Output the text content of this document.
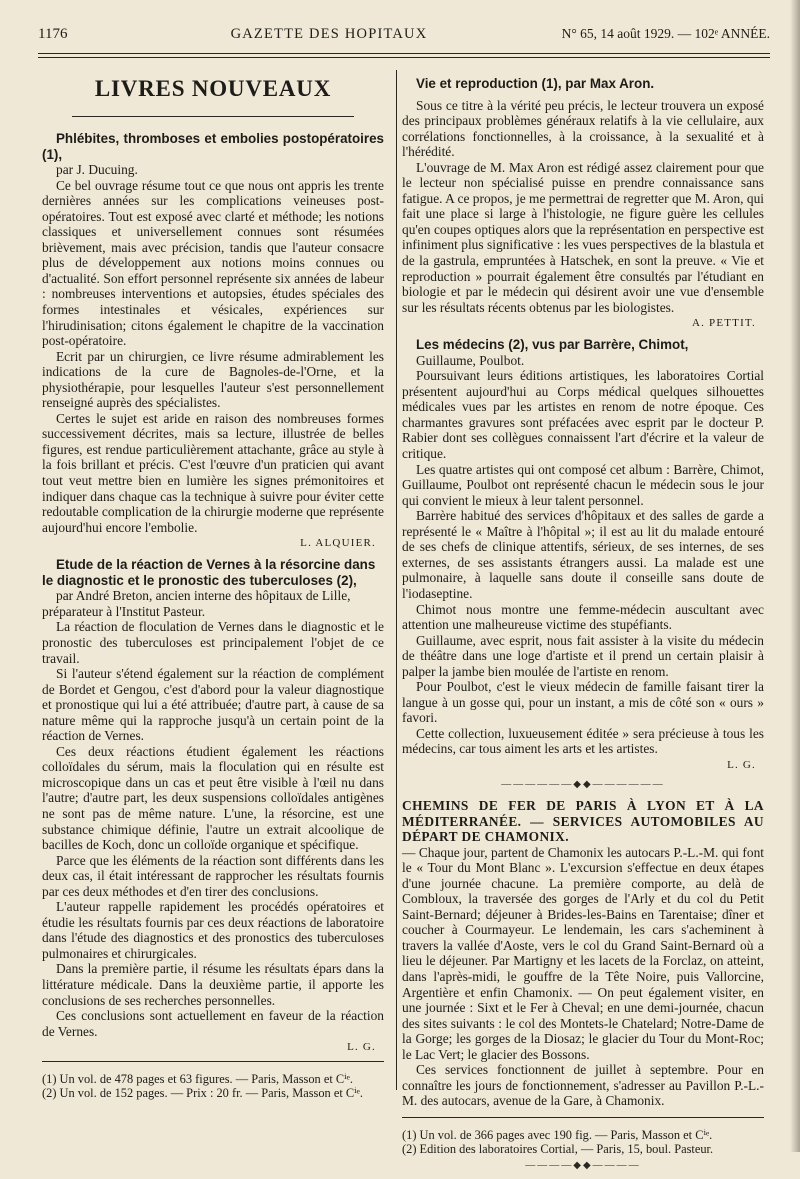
1176	GAZETTE DES HOPITAUX	N° 65, 14 août 1929. — 102ᵉ ANNÉE.
LIVRES NOUVEAUX

Phlébites, thromboses et embolies postopératoires (1),

par J. Ducuing.

Ce bel ouvrage résume tout ce que nous ont appris les trente dernières années sur les complications veineuses post-opératoires. Tout est exposé avec clarté et méthode; les notions classiques et universellement connues sont résumées brièvement, mais avec précision, tandis que l'auteur consacre plus de développement aux notions moins connues ou d'actualité. Son effort personnel représente six années de labeur : nombreuses interventions et autopsies, études spéciales des formes intestinales et vésicales, expériences sur l'hirudinisation; citons également le chapitre de la vaccination post-opératoire.

Ecrit par un chirurgien, ce livre résume admirablement les indications de la cure de Bagnoles-de-l'Orne, et la physiothérapie, pour lesquelles l'auteur s'est personnellement renseigné auprès des spécialistes.

Certes le sujet est aride en raison des nombreuses formes successivement décrites, mais sa lecture, illustrée de belles figures, est rendue particulièrement attachante, grâce au style à la fois brillant et précis. C'est l'œuvre d'un praticien qui avant tout veut mettre bien en lumière les signes prémonitoires et indiquer dans chaque cas la technique à suivre pour éviter cette redoutable complication de la chirurgie moderne que représente aujourd'hui encore l'embolie.

L. ALQUIER.

Etude de la réaction de Vernes à la résorcine dans le diagnostic et le pronostic des tuberculoses (2),

par André Breton, ancien interne des hôpitaux de Lille, préparateur à l'Institut Pasteur.

La réaction de floculation de Vernes dans le diagnostic et le pronostic des tuberculoses est principalement l'objet de ce travail.

Si l'auteur s'étend également sur la réaction de complément de Bordet et Gengou, c'est d'abord pour la valeur diagnostique et pronostique qui lui a été attribuée; d'autre part, à cause de sa nature même qui la rapproche jusqu'à un certain point de la réaction de Vernes.

Ces deux réactions étudient également les réactions colloïdales du sérum, mais la floculation qui en résulte est microscopique dans un cas et peut être visible à l'œil nu dans l'autre; d'autre part, les deux suspensions colloïdales antigènes ne sont pas de même nature. L'une, la résorcine, est une substance chimique définie, l'autre un extrait alcoolique de bacilles de Koch, donc un colloïde organique et spécifique.

Parce que les éléments de la réaction sont différents dans les deux cas, il était intéressant de rapprocher les résultats fournis par ces deux méthodes et d'en tirer des conclusions.

L'auteur rappelle rapidement les procédés opératoires et étudie les résultats fournis par ces deux réactions de laboratoire dans l'étude des diagnostics et des pronostics des tuberculoses pulmonaires et chirurgicales.

Dans la première partie, il résume les résultats épars dans la littérature médicale. Dans la deuxième partie, il apporte les conclusions de ses recherches personnelles.

Ces conclusions sont actuellement en faveur de la réaction de Vernes.

L. G.

(1) Un vol. de 478 pages et 63 figures. — Paris, Masson et Cⁱᵉ.

(2) Un vol. de 152 pages. — Prix : 20 fr. — Paris, Masson et Cⁱᵉ.

Vie et reproduction (1), par Max Aron.

Sous ce titre à la vérité peu précis, le lecteur trouvera un exposé des principaux problèmes généraux relatifs à la vie cellulaire, aux corrélations fonctionnelles, à la croissance, à la sexualité et à l'hérédité.

L'ouvrage de M. Max Aron est rédigé assez clairement pour que le lecteur non spécialisé puisse en prendre connaissance sans fatigue. A ce propos, je me permettrai de regretter que M. Aron, qui fait une place si large à l'histologie, ne figure guère les cellules qu'en coupes optiques alors que la représentation en perspective est infiniment plus significative : les vues perspectives de la blastula et de la gastrula, empruntées à Hatschek, en sont la preuve. « Vie et reproduction » pourrait également être consultés par l'étudiant en biologie et par le médecin qui désirent avoir une vue d'ensemble sur les résultats récents obtenus par les biologistes.

A. PETTIT.

Les médecins (2), vus par Barrère, Chimot,

Guillaume, Poulbot.

Poursuivant leurs éditions artistiques, les laboratoires Cortial présentent aujourd'hui au Corps médical quelques silhouettes médicales vues par les artistes en renom de notre époque. Ces charmantes gravures sont préfacées avec esprit par le docteur P. Rabier dont ses collègues connaissent l'art d'écrire et la valeur de critique.

Les quatre artistes qui ont composé cet album : Barrère, Chimot, Guillaume, Poulbot ont représenté chacun le médecin sous le jour qui convient le mieux à leur talent personnel.

Barrère habitué des services d'hôpitaux et des salles de garde a représenté le « Maître à l'hôpital »; il est au lit du malade entouré de ses chefs de clinique attentifs, sérieux, de ses internes, de ses externes, de ses assistants étrangers aussi. La malade est une pulmonaire, à laquelle sans doute il conseille sans doute de l'iodaseptine.

Chimot nous montre une femme-médecin auscultant avec attention une malheureuse victime des stupéfiants.

Guillaume, avec esprit, nous fait assister à la visite du médecin de théâtre dans une loge d'artiste et il prend un certain plaisir à palper la jambe bien moulée de l'artiste en renom.

Pour Poulbot, c'est le vieux médecin de famille faisant tirer la langue à un gosse qui, pour un instant, a mis de côté son « ours » favori.

Cette collection, luxueusement éditée » sera précieuse à tous les médecins, car tous aiment les arts et les artistes.

L. G.
——————◆◆——————

CHEMINS DE FER DE PARIS À LYON ET À LA MÉDITERRANÉE. — SERVICES AUTOMOBILES AU DÉPART DE CHAMONIX.

— Chaque jour, partent de Chamonix les autocars P.-L.-M. qui font le « Tour du Mont Blanc ». L'excursion s'effectue en deux étapes d'une journée chacune. La première comporte, au delà de Combloux, la traversée des gorges de l'Arly et du col du Petit Saint-Bernard; déjeuner à Brides-les-Bains en Tarentaise; dîner et coucher à Courmayeur. Le lendemain, les cars s'acheminent à travers la vallée d'Aoste, vers le col du Grand Saint-Bernard où a lieu le déjeuner. Par Martigny et les lacets de la Forclaz, on atteint, dans l'après-midi, le gouffre de la Tête Noire, puis Vallorcine, Argentière et enfin Chamonix. — On peut également visiter, en une journée : Sixt et le Fer à Cheval; en une demi-journée, chacun des sites suivants : le col des Montets-le Chatelard; Notre-Dame de la Gorge; les gorges de la Diosaz; le glacier du Tour du Mont-Roc; le Lac Vert; le glacier des Bossons.

Ces services fonctionnent de juillet à septembre. Pour en connaître les jours de fonctionnement, s'adresser au Pavillon P.-L.-M. des autocars, avenue de la Gare, à Chamonix.

(1) Un vol. de 366 pages avec 190 fig. — Paris, Masson et Cⁱᵉ.

(2) Edition des laboratoires Cortial, — Paris, 15, boul. Pasteur.

————◆◆————
